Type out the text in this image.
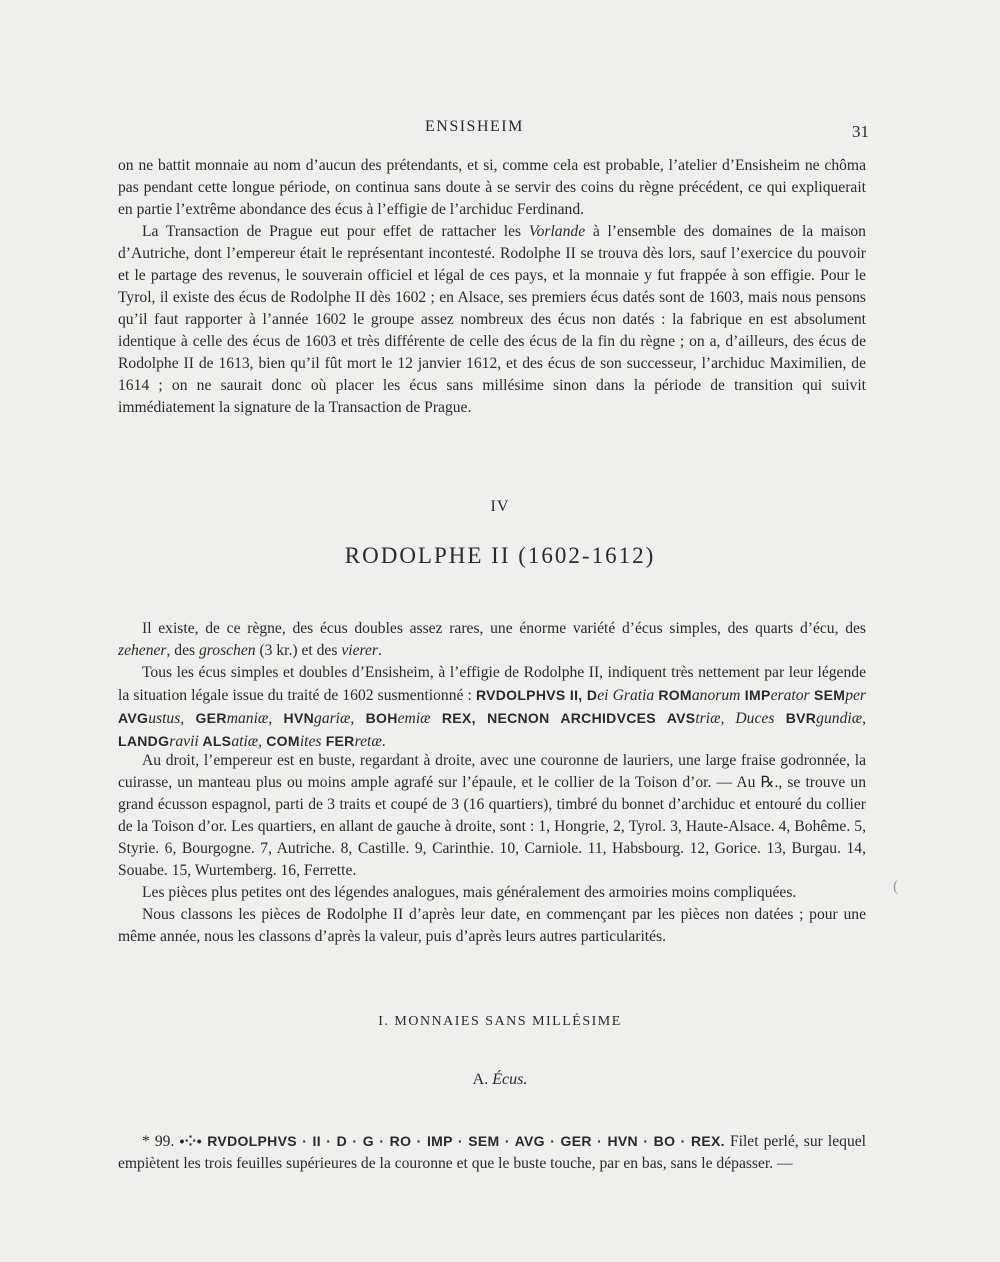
ENSISHEIM	31

on ne battit monnaie au nom d’aucun des prétendants, et si, comme cela est probable, l’atelier d’Ensisheim ne chôma pas pendant cette longue période, on continua sans doute à se servir des coins du règne précédent, ce qui expliquerait en partie l’extrême abondance des écus à l’effigie de l’archiduc Ferdinand.

La Transaction de Prague eut pour effet de rattacher les Vorlande à l’ensemble des domaines de la maison d’Autriche, dont l’empereur était le représentant incontesté. Rodolphe II se trouva dès lors, sauf l’exercice du pouvoir et le partage des revenus, le souverain officiel et légal de ces pays, et la monnaie y fut frappée à son effigie. Pour le Tyrol, il existe des écus de Rodolphe II dès 1602 ; en Alsace, ses premiers écus datés sont de 1603, mais nous pensons qu’il faut rapporter à l’année 1602 le groupe assez nombreux des écus non datés : la fabrique en est absolument identique à celle des écus de 1603 et très différente de celle des écus de la fin du règne ; on a, d’ailleurs, des écus de Rodolphe II de 1613, bien qu’il fût mort le 12 janvier 1612, et des écus de son successeur, l’archiduc Maximilien, de 1614 ; on ne saurait donc où placer les écus sans millésime sinon dans la période de transition qui suivit immédiatement la signature de la Transaction de Prague.

IV
RODOLPHE II (1602-1612)

Il existe, de ce règne, des écus doubles assez rares, une énorme variété d’écus simples, des quarts d’écu, des zehener, des groschen (3 kr.) et des vierer.

Tous les écus simples et doubles d’Ensisheim, à l’effigie de Rodolphe II, indiquent très nettement par leur légende la situation légale issue du traité de 1602 susmentionné : RVDOLPHVS II, Dei Gratia ROManorum IMPerator SEMper AVGustus, GERmaniæ, HVNgariæ, BOHemiæ REX, NECNON ARCHIDVCES AVStriæ, Duces BVRgundiæ, LANDGravii ALSatiæ, COMites FERretæ.

Au droit, l’empereur est en buste, regardant à droite, avec une couronne de lauriers, une large fraise godronnée, la cuirasse, un manteau plus ou moins ample agrafé sur l’épaule, et le collier de la Toison d’or. — Au ℞., se trouve un grand écusson espagnol, parti de 3 traits et coupé de 3 (16 quartiers), timbré du bonnet d’archiduc et entouré du collier de la Toison d’or. Les quartiers, en allant de gauche à droite, sont : 1, Hongrie, 2, Tyrol. 3, Haute-Alsace. 4, Bohême. 5, Styrie. 6, Bourgogne. 7, Autriche. 8, Castille. 9, Carinthie. 10, Carniole. 11, Habsbourg. 12, Gorice. 13, Burgau. 14, Souabe. 15, Wurtemberg. 16, Ferrette.

Les pièces plus petites ont des légendes analogues, mais généralement des armoiries moins compliquées.

Nous classons les pièces de Rodolphe II d’après leur date, en commençant par les pièces non datées ; pour une même année, nous les classons d’après la valeur, puis d’après leurs autres particularités.

I. MONNAIES SANS MILLÉSIME
A. Écus.

* 99. •⁘• RVDOLPHVS · II · D · G · RO · IMP · SEM · AVG · GER · HVN · BO · REX. Filet perlé, sur lequel empiètent les trois feuilles supérieures de la couronne et que le buste touche, par en bas, sans le dépasser. —

(
